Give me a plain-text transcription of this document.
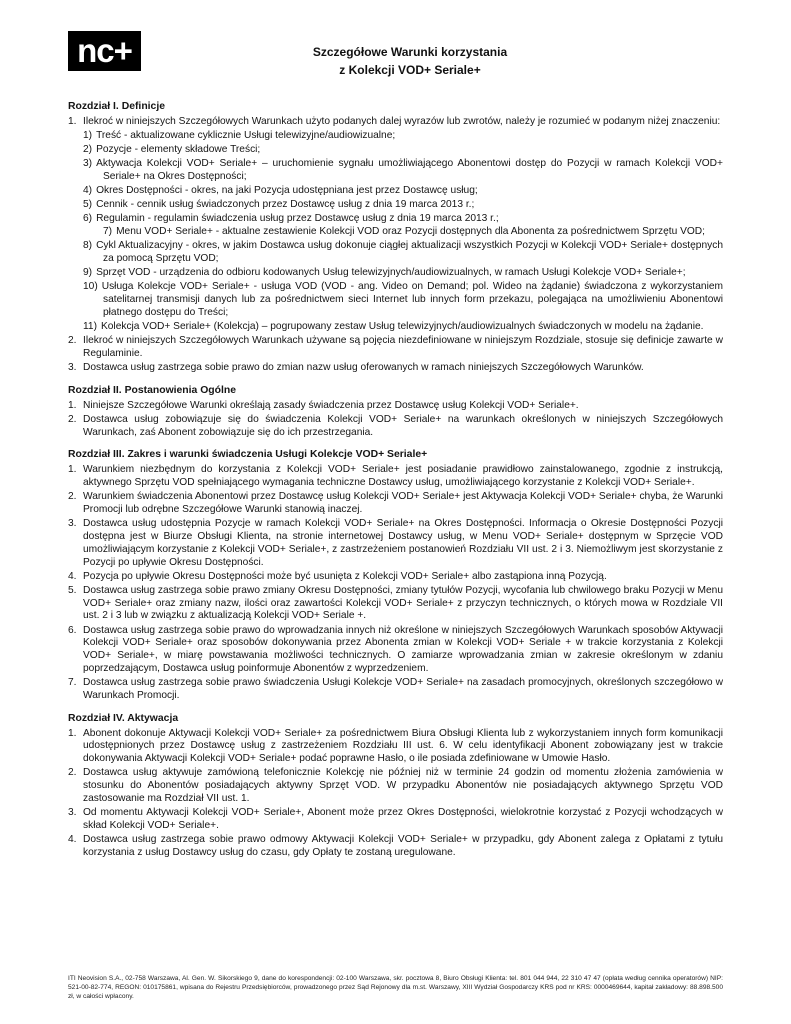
nc+	Szczegółowe Warunki korzystania
z Kolekcji VOD+ Seriale+
Rozdział I. Definicje
1. Ilekroć w niniejszych Szczegółowych Warunkach użyto podanych dalej wyrazów lub zwrotów, należy je rozumieć w podanym niżej znaczeniu:
1) Treść - aktualizowane cyklicznie Usługi telewizyjne/audiowizualne;
2) Pozycje - elementy składowe Treści;
3) Aktywacja Kolekcji VOD+ Seriale+ – uruchomienie sygnału umożliwiającego Abonentowi dostęp do Pozycji w ramach Kolekcji VOD+ Seriale+ na Okres Dostępności;
4) Okres Dostępności - okres, na jaki Pozycja udostępniana jest przez Dostawcę usług;
5) Cennik - cennik usług świadczonych przez Dostawcę usług z dnia 19 marca 2013 r.;
6) Regulamin - regulamin świadczenia usług przez Dostawcę usług z dnia 19 marca 2013 r.;
7) Menu VOD+ Seriale+ - aktualne zestawienie Kolekcji VOD oraz Pozycji dostępnych dla Abonenta za pośrednictwem Sprzętu VOD;
8) Cykl Aktualizacyjny - okres, w jakim Dostawca usług dokonuje ciągłej aktualizacji wszystkich Pozycji w Kolekcji VOD+ Seriale+ dostępnych za pomocą Sprzętu VOD;
9) Sprzęt VOD - urządzenia do odbioru kodowanych Usług telewizyjnych/audiowizualnych, w ramach Usługi Kolekcje VOD+ Seriale+;
10) Usługa Kolekcje VOD+ Seriale+ - usługa VOD (VOD - ang. Video on Demand; pol. Wideo na żądanie) świadczona z wykorzystaniem satelitarnej transmisji danych lub za pośrednictwem sieci Internet lub innych form przekazu, polegająca na umożliwieniu Abonentowi płatnego dostępu do Treści;
11) Kolekcja VOD+ Seriale+ (Kolekcja) – pogrupowany zestaw Usług telewizyjnych/audiowizualnych świadczonych w modelu na żądanie.
2. Ilekroć w niniejszych Szczegółowych Warunkach używane są pojęcia niezdefiniowane w niniejszym Rozdziale, stosuje się definicje zawarte w Regulaminie.
3. Dostawca usług zastrzega sobie prawo do zmian nazw usług oferowanych w ramach niniejszych Szczegółowych Warunków.
Rozdział II. Postanowienia Ogólne
1. Niniejsze Szczegółowe Warunki określają zasady świadczenia przez Dostawcę usług Kolekcji VOD+ Seriale+.
2. Dostawca usług zobowiązuje się do świadczenia Kolekcji VOD+ Seriale+ na warunkach określonych w niniejszych Szczegółowych Warunkach, zaś Abonent zobowiązuje się do ich przestrzegania.
Rozdział III. Zakres i warunki świadczenia Usługi Kolekcje VOD+ Seriale+
1. Warunkiem niezbędnym do korzystania z Kolekcji VOD+ Seriale+ jest posiadanie prawidłowo zainstalowanego, zgodnie z instrukcją, aktywnego Sprzętu VOD spełniającego wymagania techniczne Dostawcy usług, umożliwiającego korzystanie z Kolekcji VOD+ Seriale+.
2. Warunkiem świadczenia Abonentowi przez Dostawcę usług Kolekcji VOD+ Seriale+ jest Aktywacja Kolekcji VOD+ Seriale+ chyba, że Warunki Promocji lub odrębne Szczegółowe Warunki stanowią inaczej.
3. Dostawca usług udostępnia Pozycje w ramach Kolekcji VOD+ Seriale+ na Okres Dostępności. Informacja o Okresie Dostępności Pozycji dostępna jest w Biurze Obsługi Klienta, na stronie internetowej Dostawcy usług, w Menu VOD+ Seriale+ dostępnym w Sprzęcie VOD umożliwiającym korzystanie z Kolekcji VOD+ Seriale+, z zastrzeżeniem postanowień Rozdziału VII ust. 2 i 3. Niemożliwym jest skorzystanie z Pozycji po upływie Okresu Dostępności.
4. Pozycja po upływie Okresu Dostępności może być usunięta z Kolekcji VOD+ Seriale+ albo zastąpiona inną Pozycją.
5. Dostawca usług zastrzega sobie prawo zmiany Okresu Dostępności, zmiany tytułów Pozycji, wycofania lub chwilowego braku Pozycji w Menu VOD+ Seriale+ oraz zmiany nazw, ilości oraz zawartości Kolekcji VOD+ Seriale+ z przyczyn technicznych, o których mowa w Rozdziale VII ust. 2 i 3 lub w związku z aktualizacją Kolekcji VOD+ Seriale +.
6. Dostawca usług zastrzega sobie prawo do wprowadzania innych niż określone w niniejszych Szczegółowych Warunkach sposobów Aktywacji Kolekcji VOD+ Seriale+ oraz sposobów dokonywania przez Abonenta zmian w Kolekcji VOD+ Seriale + w trakcie korzystania z Kolekcji VOD+ Seriale+, w miarę powstawania możliwości technicznych. O zamiarze wprowadzania zmian w zakresie określonym w zdaniu poprzedzającym, Dostawca usług poinformuje Abonentów z wyprzedzeniem.
7. Dostawca usług zastrzega sobie prawo świadczenia Usługi Kolekcje VOD+ Seriale+ na zasadach promocyjnych, określonych szczegółowo w Warunkach Promocji.
Rozdział IV. Aktywacja
1. Abonent dokonuje Aktywacji Kolekcji VOD+ Seriale+ za pośrednictwem Biura Obsługi Klienta lub z wykorzystaniem innych form komunikacji udostępnionych przez Dostawcę usług z zastrzeżeniem Rozdziału III ust. 6. W celu identyfikacji Abonent zobowiązany jest w trakcie dokonywania Aktywacji Kolekcji VOD+ Seriale+ podać poprawne Hasło, o ile posiada zdefiniowane w Umowie Hasło.
2. Dostawca usług aktywuje zamówioną telefonicznie Kolekcję nie później niż w terminie 24 godzin od momentu złożenia zamówienia w stosunku do Abonentów posiadających aktywny Sprzęt VOD. W przypadku Abonentów nie posiadających aktywnego Sprzętu VOD zastosowanie ma Rozdział VII ust. 1.
3. Od momentu Aktywacji Kolekcji VOD+ Seriale+, Abonent może przez Okres Dostępności, wielokrotnie korzystać z Pozycji wchodzących w skład Kolekcji VOD+ Seriale+.
4. Dostawca usług zastrzega sobie prawo odmowy Aktywacji Kolekcji VOD+ Seriale+ w przypadku, gdy Abonent zalega z Opłatami z tytułu korzystania z usług Dostawcy usług do czasu, gdy Opłaty te zostaną uregulowane.
ITI Neovision S.A., 02-758 Warszawa, Al. Gen. W. Sikorskiego 9, dane do korespondencji: 02-100 Warszawa, skr. pocztowa 8, Biuro Obsługi Klienta: tel. 801 044 944, 22 310 47 47 (opłata według cennika operatorów) NIP: 521-00-82-774, REGON: 010175861, wpisana do Rejestru Przedsiębiorców, prowadzonego przez Sąd Rejonowy dla m.st. Warszawy, XIII Wydział Gospodarczy KRS pod nr KRS: 0000469644, kapitał zakładowy: 88.898.500 zł, w całości wpłacony.
